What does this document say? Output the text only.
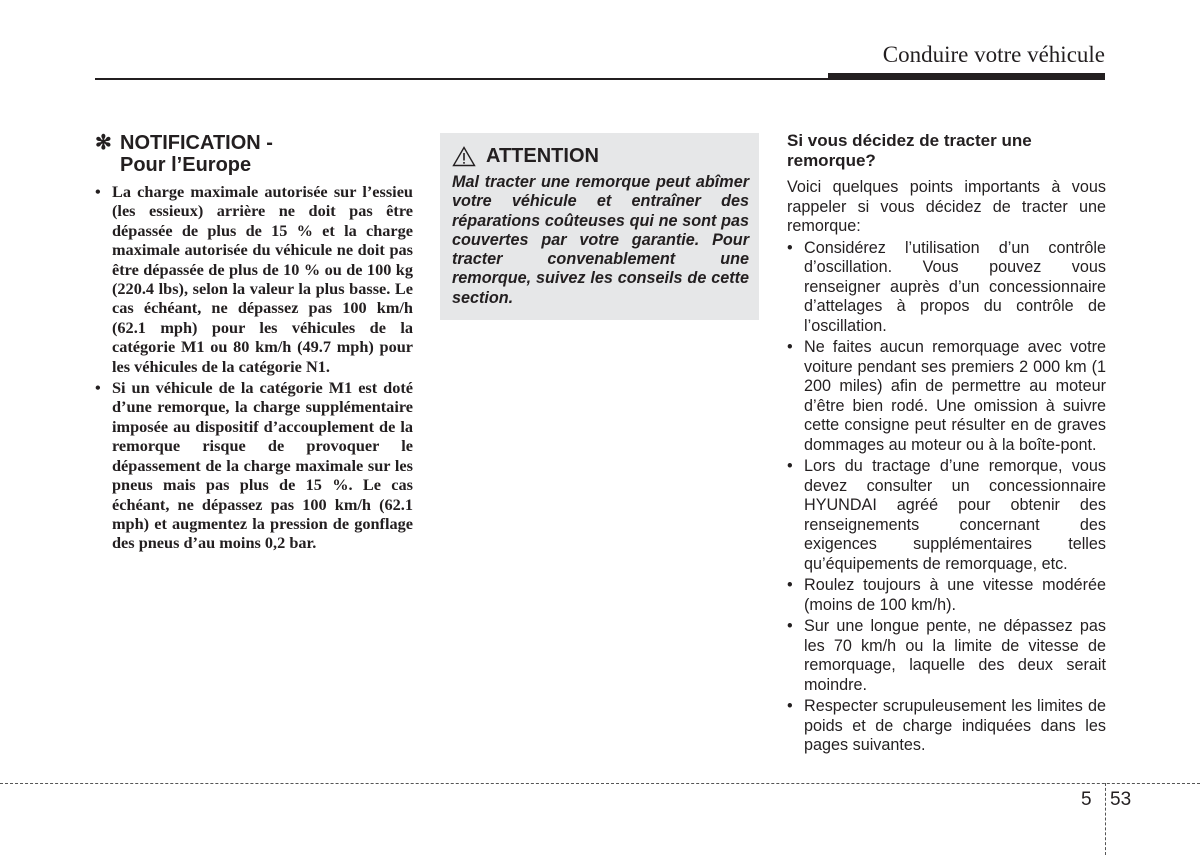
Conduire votre véhicule
✻ NOTIFICATION -
Pour l’Europe
• La charge maximale autorisée sur l’essieu (les essieux) arrière ne doit pas être dépassée de plus de 15 % et la charge maximale autorisée du véhicule ne doit pas être dépassée de plus de 10 % ou de 100 kg (220.4 lbs), selon la valeur la plus basse. Le cas échéant, ne dépassez pas 100 km/h (62.1 mph) pour les véhicules de la catégorie M1 ou 80 km/h (49.7 mph) pour les véhicules de la catégorie N1.
• Si un véhicule de la catégorie M1 est doté d’une remorque, la charge supplémentaire imposée au dispositif d’accouplement de la remorque risque de provoquer le dépassement de la charge maximale sur les pneus mais pas plus de 15 %. Le cas échéant, ne dépassez pas 100 km/h (62.1 mph) et augmentez la pression de gonflage des pneus d’au moins 0,2 bar.
ATTENTION

Mal tracter une remorque peut abîmer votre véhicule et entraîner des réparations coûteuses qui ne sont pas couvertes par votre garantie. Pour tracter convenablement une remorque, suivez les conseils de cette section.

Si vous décidez de tracter une remorque?

Voici quelques points importants à vous rappeler si vous décidez de tracter une remorque:

• Considérez l’utilisation d’un contrôle d’oscillation. Vous pouvez vous renseigner auprès d’un concessionnaire d’attelages à propos du contrôle de l’oscillation.
• Ne faites aucun remorquage avec votre voiture pendant ses premiers 2 000 km (1 200 miles) afin de permettre au moteur d’être bien rodé. Une omission à suivre cette consigne peut résulter en de graves dommages au moteur ou à la boîte-pont.
• Lors du tractage d’une remorque, vous devez consulter un concessionnaire HYUNDAI agréé pour obtenir des renseignements concernant des exigences supplémentaires telles qu’équipements de remorquage, etc.
• Roulez toujours à une vitesse modérée (moins de 100 km/h).
• Sur une longue pente, ne dépassez pas les 70 km/h ou la limite de vitesse de remorquage, laquelle des deux serait moindre.
• Respecter scrupuleusement les limites de poids et de charge indiquées dans les pages suivantes.
5 53
